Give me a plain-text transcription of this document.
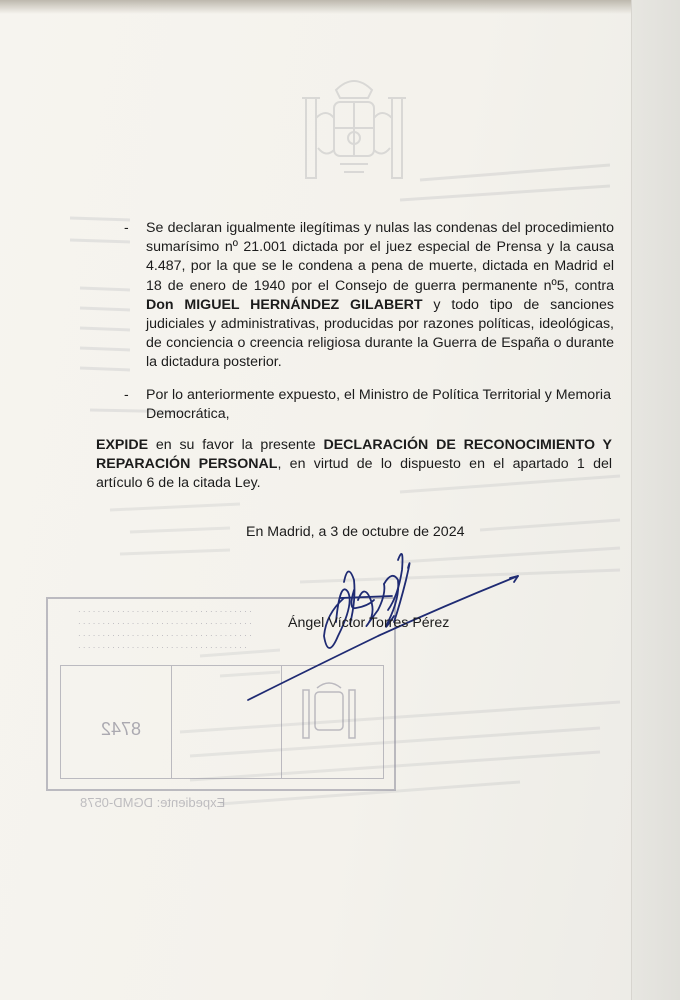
· · · · · · · · · · · · · · · · · · · · · · · · · · · · · · · · · · · ·
· · · · · · · · · · · · · · · · · · · · · · · · · · · · · · · · · · · ·
· · · · · · · · · · · · · · · · · · · · · · · · · · · · · · · · · · · ·
· · · · · · · · · · · · · · · · · · · · · · · · · · · · · · · · · · ·
8742
Expediente: DGMD-0578
- Se declaran igualmente ilegítimas y nulas las condenas del procedimiento
sumarísimo nº 21.001 dictada por el juez especial de Prensa y la causa
4.487, por la que se le condena a pena de muerte, dictada en Madrid el
18 de enero de 1940 por el Consejo de guerra permanente nº5, contra
Don MIGUEL HERNÁNDEZ GILABERT y todo tipo de sanciones
judiciales y administrativas, producidas por razones políticas, ideológicas,
de conciencia o creencia religiosa durante la Guerra de España o durante
la dictadura posterior.
- Por lo anteriormente expuesto, el Ministro de Política Territorial y Memoria
Democrática,
EXPIDE en su favor la presente DECLARACIÓN DE RECONOCIMIENTO Y
REPARACIÓN PERSONAL, en virtud de lo dispuesto en el apartado 1 del
artículo 6 de la citada Ley.
En Madrid, a 3 de octubre de 2024
Ángel Víctor Torres Pérez
